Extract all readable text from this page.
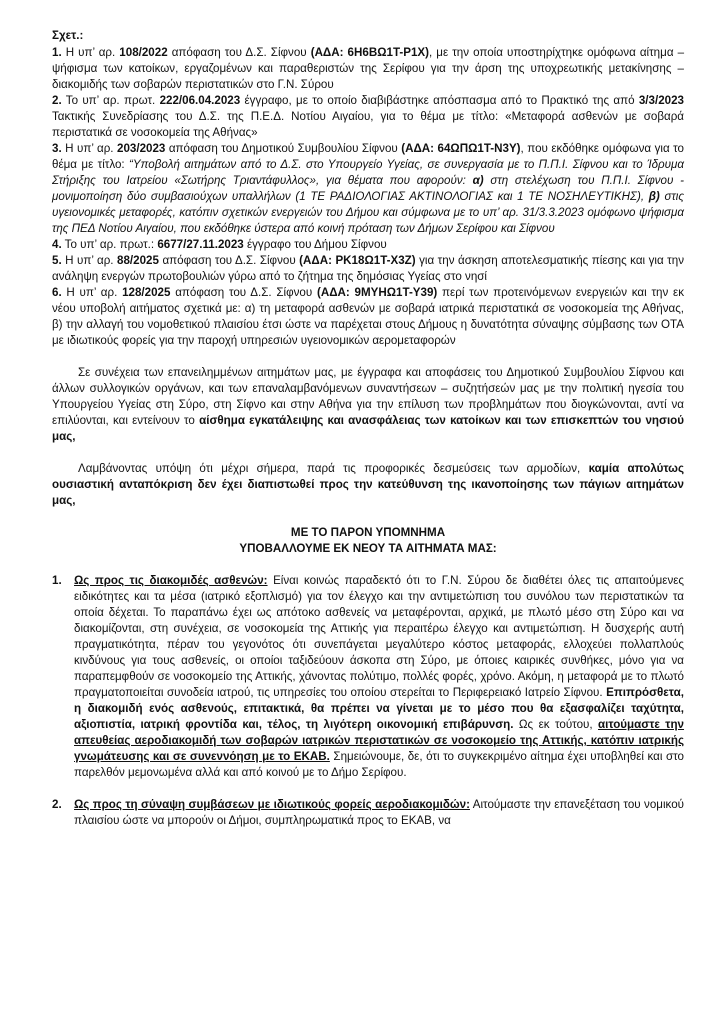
Σχετ.:

1. Η υπ’ αρ. 108/2022 απόφαση του Δ.Σ. Σίφνου (ΑΔΑ: 6Η6ΒΩ1Τ-Ρ1Χ), με την οποία υποστηρίχτηκε ομόφωνα αίτημα – ψήφισμα των κατοίκων, εργαζομένων και παραθεριστών της Σερίφου για την άρση της υποχρεωτικής μετακίνησης – διακομιδής των σοβαρών περιστατικών στο Γ.Ν. Σύρου

2. Το υπ’ αρ. πρωτ. 222/06.04.2023 έγγραφο, με το οποίο διαβιβάστηκε απόσπασμα από το Πρακτικό της από 3/3/2023 Τακτικής Συνεδρίασης του Δ.Σ. της Π.Ε.Δ. Νοτίου Αιγαίου, για το θέμα με τίτλο: «Μεταφορά ασθενών με σοβαρά περιστατικά σε νοσοκομεία της Αθήνας»

3. Η υπ’ αρ. 203/2023 απόφαση του Δημοτικού Συμβουλίου Σίφνου (ΑΔΑ: 64ΩΠΩ1Τ-Ν3Υ), που εκδόθηκε ομόφωνα για το θέμα με τίτλο: “Υποβολή αιτημάτων από το Δ.Σ. στο Υπουργείο Υγείας, σε συνεργασία με το Π.Π.Ι. Σίφνου και το Ίδρυμα Στήριξης του Ιατρείου «Σωτήρης Τριαντάφυλλος», για θέματα που αφορούν: α) στη στελέχωση του Π.Π.Ι. Σίφνου - μονιμοποίηση δύο συμβασιούχων υπαλλήλων (1 ΤΕ ΡΑΔΙΟΛΟΓΙΑΣ ΑΚΤΙΝΟΛΟΓΙΑΣ και 1 ΤΕ ΝΟΣΗΛΕΥΤΙΚΗΣ), β) στις υγειονομικές μεταφορές, κατόπιν σχετικών ενεργειών του Δήμου και σύμφωνα με το υπ’ αρ. 31/3.3.2023 ομόφωνο ψήφισμα της ΠΕΔ Νοτίου Αιγαίου, που εκδόθηκε ύστερα από κοινή πρόταση των Δήμων Σερίφου και Σίφνου

4. Το υπ’ αρ. πρωτ.: 6677/27.11.2023 έγγραφο του Δήμου Σίφνου

5. Η υπ’ αρ. 88/2025 απόφαση του Δ.Σ. Σίφνου (ΑΔΑ: ΡΚ18Ω1Τ-Χ3Ζ) για την άσκηση αποτελεσματικής πίεσης και για την ανάληψη ενεργών πρωτοβουλιών γύρω από το ζήτημα της δημόσιας Υγείας στο νησί

6. Η υπ’ αρ. 128/2025 απόφαση του Δ.Σ. Σίφνου (ΑΔΑ: 9ΜΥΗΩ1Τ-Υ39) περί των προτεινόμενων ενεργειών και την εκ νέου υποβολή αιτήματος σχετικά με: α) τη μεταφορά ασθενών με σοβαρά ιατρικά περιστατικά σε νοσοκομεία της Αθήνας, β) την αλλαγή του νομοθετικού πλαισίου έτσι ώστε να παρέχεται στους Δήμους η δυνατότητα σύναψης σύμβασης των ΟΤΑ με ιδιωτικούς φορείς για την παροχή υπηρεσιών υγειονομικών αερομεταφορών

Σε συνέχεια των επανειλημμένων αιτημάτων μας, με έγγραφα και αποφάσεις του Δημοτικού Συμβουλίου Σίφνου και άλλων συλλογικών οργάνων, και των επαναλαμβανόμενων συναντήσεων – συζητήσεών μας με την πολιτική ηγεσία του Υπουργείου Υγείας στη Σύρο, στη Σίφνο και στην Αθήνα για την επίλυση των προβλημάτων που διογκώνονται, αντί να επιλύονται, και εντείνουν το αίσθημα εγκατάλειψης και ανασφάλειας των κατοίκων και των επισκεπτών του νησιού μας,

Λαμβάνοντας υπόψη ότι μέχρι σήμερα, παρά τις προφορικές δεσμεύσεις των αρμοδίων, καμία απολύτως ουσιαστική ανταπόκριση δεν έχει διαπιστωθεί προς την κατεύθυνση της ικανοποίησης των πάγιων αιτημάτων μας,

ΜΕ ΤΟ ΠΑΡΟΝ ΥΠΟΜΝΗΜΑ

ΥΠΟΒΑΛΛΟΥΜΕ ΕΚ ΝΕΟΥ ΤΑ ΑΙΤΗΜΑΤΑ ΜΑΣ:

1. Ως προς τις διακομιδές ασθενών: Είναι κοινώς παραδεκτό ότι το Γ.Ν. Σύρου δε διαθέτει όλες τις απαιτούμενες ειδικότητες και τα μέσα (ιατρικό εξοπλισμό) για τον έλεγχο και την αντιμετώπιση του συνόλου των περιστατικών τα οποία δέχεται. Το παραπάνω έχει ως απότοκο ασθενείς να μεταφέρονται, αρχικά, με πλωτό μέσο στη Σύρο και να διακομίζονται, στη συνέχεια, σε νοσοκομεία της Αττικής για περαιτέρω έλεγχο και αντιμετώπιση. Η δυσχερής αυτή πραγματικότητα, πέραν του γεγονότος ότι συνεπάγεται μεγαλύτερο κόστος μεταφοράς, ελλοχεύει πολλαπλούς κινδύνους για τους ασθενείς, οι οποίοι ταξιδεύουν άσκοπα στη Σύρο, με όποιες καιρικές συνθήκες, μόνο για να παραπεμφθούν σε νοσοκομείο της Αττικής, χάνοντας πολύτιμο, πολλές φορές, χρόνο. Ακόμη, η μεταφορά με το πλωτό πραγματοποιείται συνοδεία ιατρού, τις υπηρεσίες του οποίου στερείται το Περιφερειακό Ιατρείο Σίφνου. Επιπρόσθετα, η διακομιδή ενός ασθενούς, επιτακτικά, θα πρέπει να γίνεται με το μέσο που θα εξασφαλίζει ταχύτητα, αξιοπιστία, ιατρική φροντίδα και, τέλος, τη λιγότερη οικονομική επιβάρυνση. Ως εκ τούτου, αιτούμαστε την απευθείας αεροδιακομιδή των σοβαρών ιατρικών περιστατικών σε νοσοκομείο της Αττικής, κατόπιν ιατρικής γνωμάτευσης και σε συνεννόηση με το ΕΚΑΒ. Σημειώνουμε, δε, ότι το συγκεκριμένο αίτημα έχει υποβληθεί και στο παρελθόν μεμονωμένα αλλά και από κοινού με το Δήμο Σερίφου.
2. Ως προς τη σύναψη συμβάσεων με ιδιωτικούς φορείς αεροδιακομιδών: Αιτούμαστε την επανεξέταση του νομικού πλαισίου ώστε να μπορούν οι Δήμοι, συμπληρωματικά προς το ΕΚΑΒ, να
